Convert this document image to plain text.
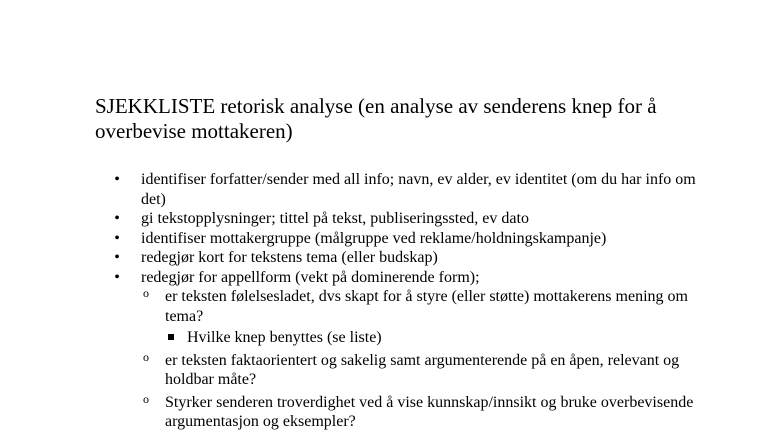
SJEKKLISTE retorisk analyse (en analyse av senderens knep for å overbevise mottakeren)
• identifiser forfatter/sender med all info; navn, ev alder, ev identitet (om du har info om det)
• gi tekstopplysninger; tittel på tekst, publiseringssted, ev dato
• identifiser mottakergruppe (målgruppe ved reklame/holdningskampanje)
• redegjør kort for tekstens tema (eller budskap)
• redegjør for appellform (vekt på dominerende form);
o er teksten følelsesladet, dvs skapt for å styre (eller støtte) mottakerens mening om tema?
Hvilke knep benyttes (se liste)
o er teksten faktaorientert og sakelig samt argumenterende på en åpen, relevant og holdbar måte?
o Styrker senderen troverdighet ved å vise kunnskap/innsikt og bruke overbevisende argumentasjon og eksempler?
